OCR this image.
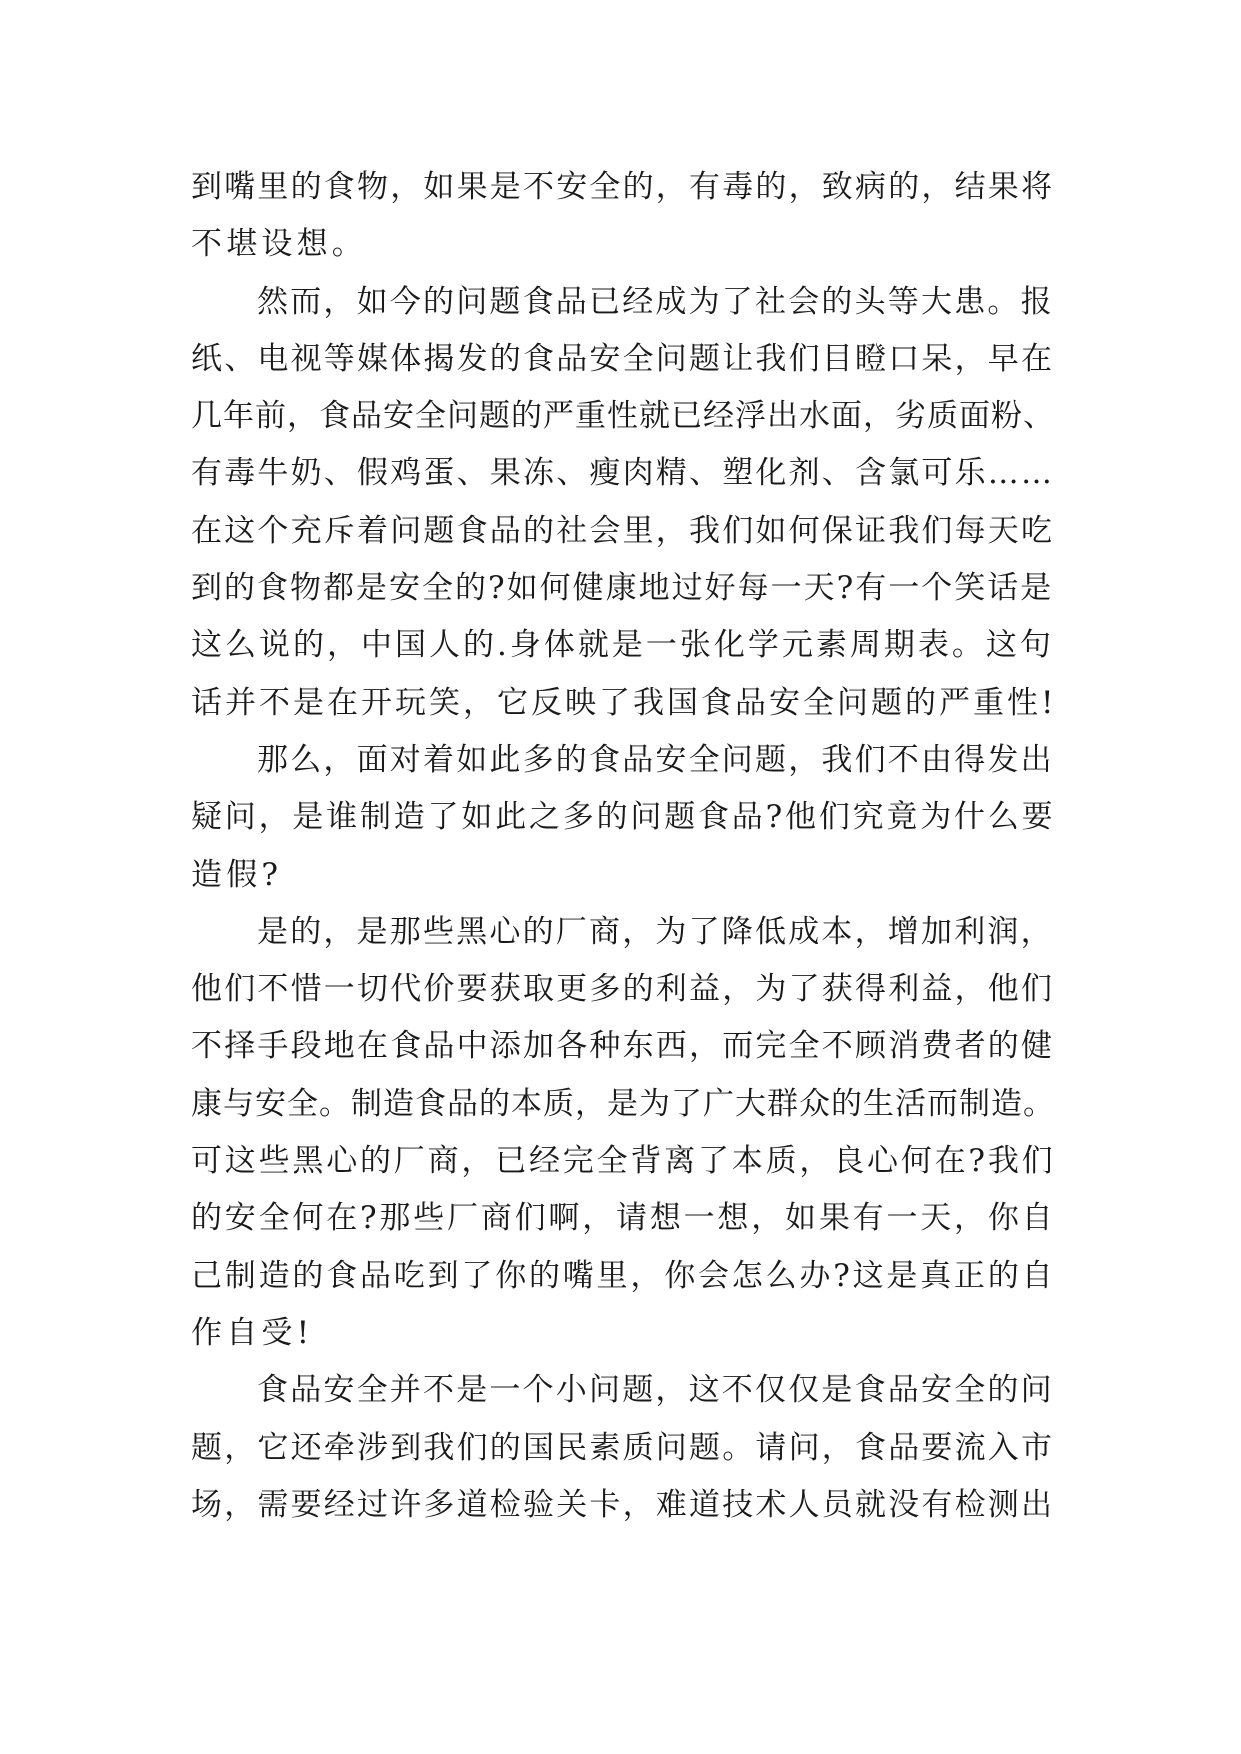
到嘴里的食物，如果是不安全的，有毒的，致病的，结果将
不堪设想。
然而，如今的问题食品已经成为了社会的头等大患。报
纸、电视等媒体揭发的食品安全问题让我们目瞪口呆，早在
几年前，食品安全问题的严重性就已经浮出水面，劣质面粉、
有毒牛奶、假鸡蛋、果冻、瘦肉精、塑化剂、含氯可乐……
在这个充斥着问题食品的社会里，我们如何保证我们每天吃
到的食物都是安全的?如何健康地过好每一天?有一个笑话是
这么说的，中国人的.身体就是一张化学元素周期表。这句
话并不是在开玩笑，它反映了我国食品安全问题的严重性!
那么，面对着如此多的食品安全问题，我们不由得发出
疑问，是谁制造了如此之多的问题食品?他们究竟为什么要
造假?
是的，是那些黑心的厂商，为了降低成本，增加利润，
他们不惜一切代价要获取更多的利益，为了获得利益，他们
不择手段地在食品中添加各种东西，而完全不顾消费者的健
康与安全。制造食品的本质，是为了广大群众的生活而制造。
可这些黑心的厂商，已经完全背离了本质，良心何在?我们
的安全何在?那些厂商们啊，请想一想，如果有一天，你自
己制造的食品吃到了你的嘴里，你会怎么办?这是真正的自
作自受!
食品安全并不是一个小问题，这不仅仅是食品安全的问
题，它还牵涉到我们的国民素质问题。请问，食品要流入市
场，需要经过许多道检验关卡，难道技术人员就没有检测出
